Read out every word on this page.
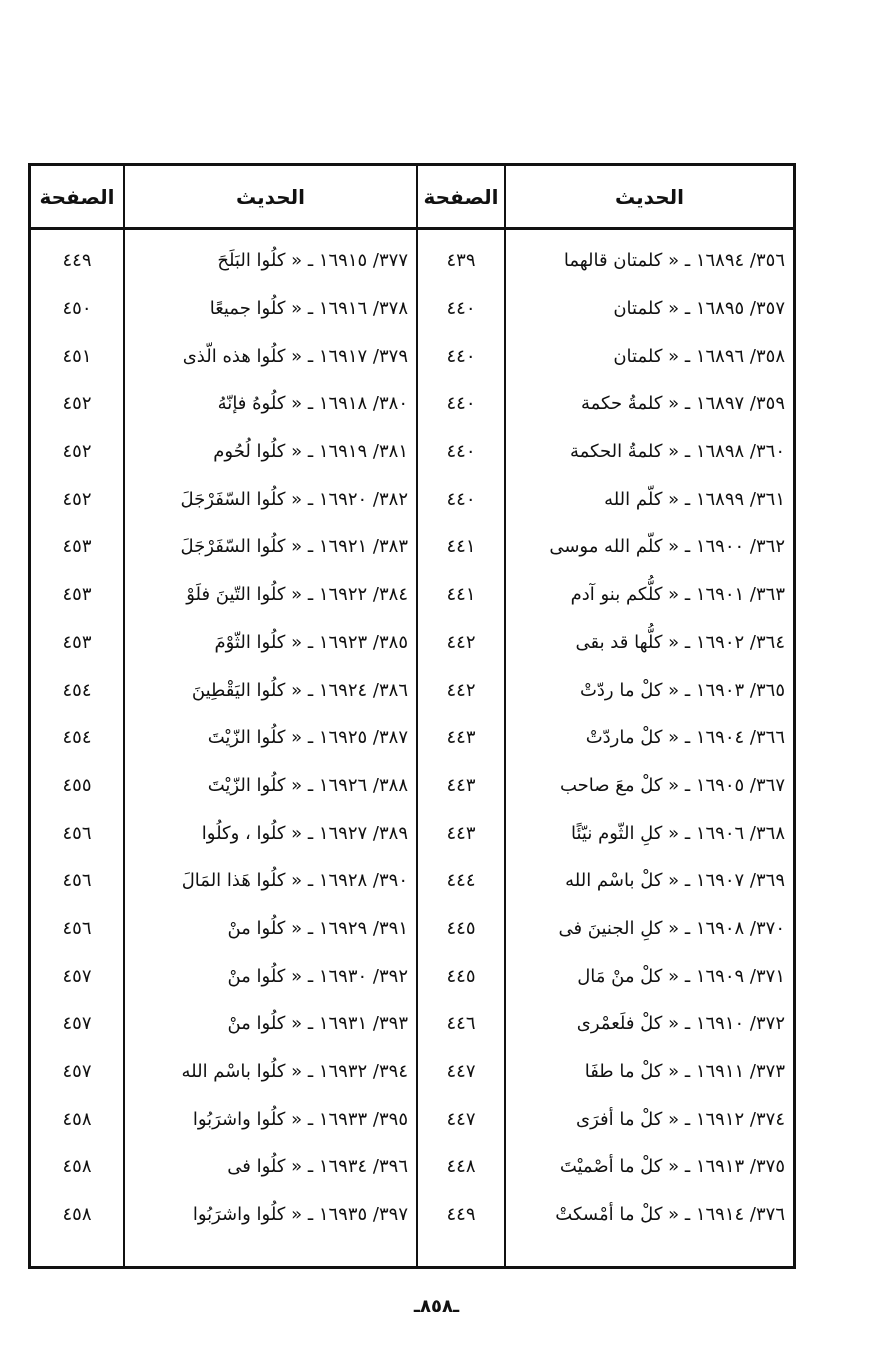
الحديث
الصفحة
الحديث
الصفحة
٣٥٦/ ١٦٨٩٤ ـ « كلمتان قالهما
٤٣٩
٣٧٧/ ١٦٩١٥ ـ « كلُوا البَلَحَ
٤٤٩
٣٥٧/ ١٦٨٩٥ ـ « كلمتان
٤٤٠
٣٧٨/ ١٦٩١٦ ـ « كلُوا جميعًا
٤٥٠
٣٥٨/ ١٦٨٩٦ ـ « كلمتان
٤٤٠
٣٧٩/ ١٦٩١٧ ـ « كلُوا هذه الّذى
٤٥١
٣٥٩/ ١٦٨٩٧ ـ « كلمةُ حكمة
٤٤٠
٣٨٠/ ١٦٩١٨ ـ « كلُوهُ فإنّهُ
٤٥٢
٣٦٠/ ١٦٨٩٨ ـ « كلمةُ الحكمة
٤٤٠
٣٨١/ ١٦٩١٩ ـ « كلُوا لُحُوم
٤٥٢
٣٦١/ ١٦٨٩٩ ـ « كلّم الله
٤٤٠
٣٨٢/ ١٦٩٢٠ ـ « كلُوا السّفَرْجَلَ
٤٥٢
٣٦٢/ ١٦٩٠٠ ـ « كلّم الله موسى
٤٤١
٣٨٣/ ١٦٩٢١ ـ « كلُوا السّفَرْجَلَ
٤٥٣
٣٦٣/ ١٦٩٠١ ـ « كلُّكم بنو آدم
٤٤١
٣٨٤/ ١٦٩٢٢ ـ « كلُوا التّينَ فلَوْ
٤٥٣
٣٦٤/ ١٦٩٠٢ ـ « كلُّها قد بقى
٤٤٢
٣٨٥/ ١٦٩٢٣ ـ « كلُوا الثّوْمَ
٤٥٣
٣٦٥/ ١٦٩٠٣ ـ « كلْ ما ردّتْ
٤٤٢
٣٨٦/ ١٦٩٢٤ ـ « كلُوا اليَقْطِينَ
٤٥٤
٣٦٦/ ١٦٩٠٤ ـ « كلْ ماردّتْ
٤٤٣
٣٨٧/ ١٦٩٢٥ ـ « كلُوا الزّيْتَ
٤٥٤
٣٦٧/ ١٦٩٠٥ ـ « كلْ معَ صاحب
٤٤٣
٣٨٨/ ١٦٩٢٦ ـ « كلُوا الزّيْتَ
٤٥٥
٣٦٨/ ١٦٩٠٦ ـ « كلِ الثّوم نيّئًا
٤٤٣
٣٨٩/ ١٦٩٢٧ ـ « كلُوا ، وكلُوا
٤٥٦
٣٦٩/ ١٦٩٠٧ ـ « كلْ باسْم الله
٤٤٤
٣٩٠/ ١٦٩٢٨ ـ « كلُوا هَذا المَالَ
٤٥٦
٣٧٠/ ١٦٩٠٨ ـ « كلِ الجنينَ فى
٤٤٥
٣٩١/ ١٦٩٢٩ ـ « كلُوا منْ
٤٥٦
٣٧١/ ١٦٩٠٩ ـ « كلْ منْ مَال
٤٤٥
٣٩٢/ ١٦٩٣٠ ـ « كلُوا منْ
٤٥٧
٣٧٢/ ١٦٩١٠ ـ « كلْ فلَعمْرى
٤٤٦
٣٩٣/ ١٦٩٣١ ـ « كلُوا منْ
٤٥٧
٣٧٣/ ١٦٩١١ ـ « كلْ ما طفَا
٤٤٧
٣٩٤/ ١٦٩٣٢ ـ « كلُوا باسْم الله
٤٥٧
٣٧٤/ ١٦٩١٢ ـ « كلْ ما أفرَى
٤٤٧
٣٩٥/ ١٦٩٣٣ ـ « كلُوا واشرَبُوا
٤٥٨
٣٧٥/ ١٦٩١٣ ـ « كلْ ما أصْميْتَ
٤٤٨
٣٩٦/ ١٦٩٣٤ ـ « كلُوا فى
٤٥٨
٣٧٦/ ١٦٩١٤ ـ « كلْ ما أمْسكتْ
٤٤٩
٣٩٧/ ١٦٩٣٥ ـ « كلُوا واشرَبُوا
٤٥٨
ـ٨٥٨ـ
